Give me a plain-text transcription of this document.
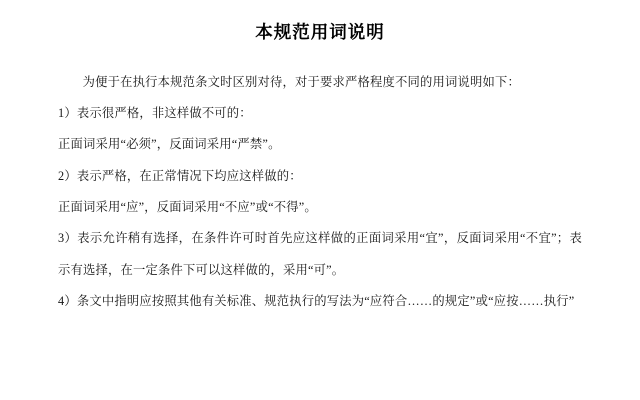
本规范用词说明

为便于在执行本规范条文时区别对待，对于要求严格程度不同的用词说明如下：

1）表示很严格，非这样做不可的：

正面词采用“必须”，反面词采用“严禁”。

2）表示严格，在正常情况下均应这样做的：

正面词采用“应”，反面词采用“不应”或“不得”。

3）表示允许稍有选择，在条件许可时首先应这样做的正面词采用“宜”，反面词采用“不宜”；表示有选择，在一定条件下可以这样做的，采用“可”。

4）条文中指明应按照其他有关标准、规范执行的写法为“应符合……的规定”或“应按……执行”
